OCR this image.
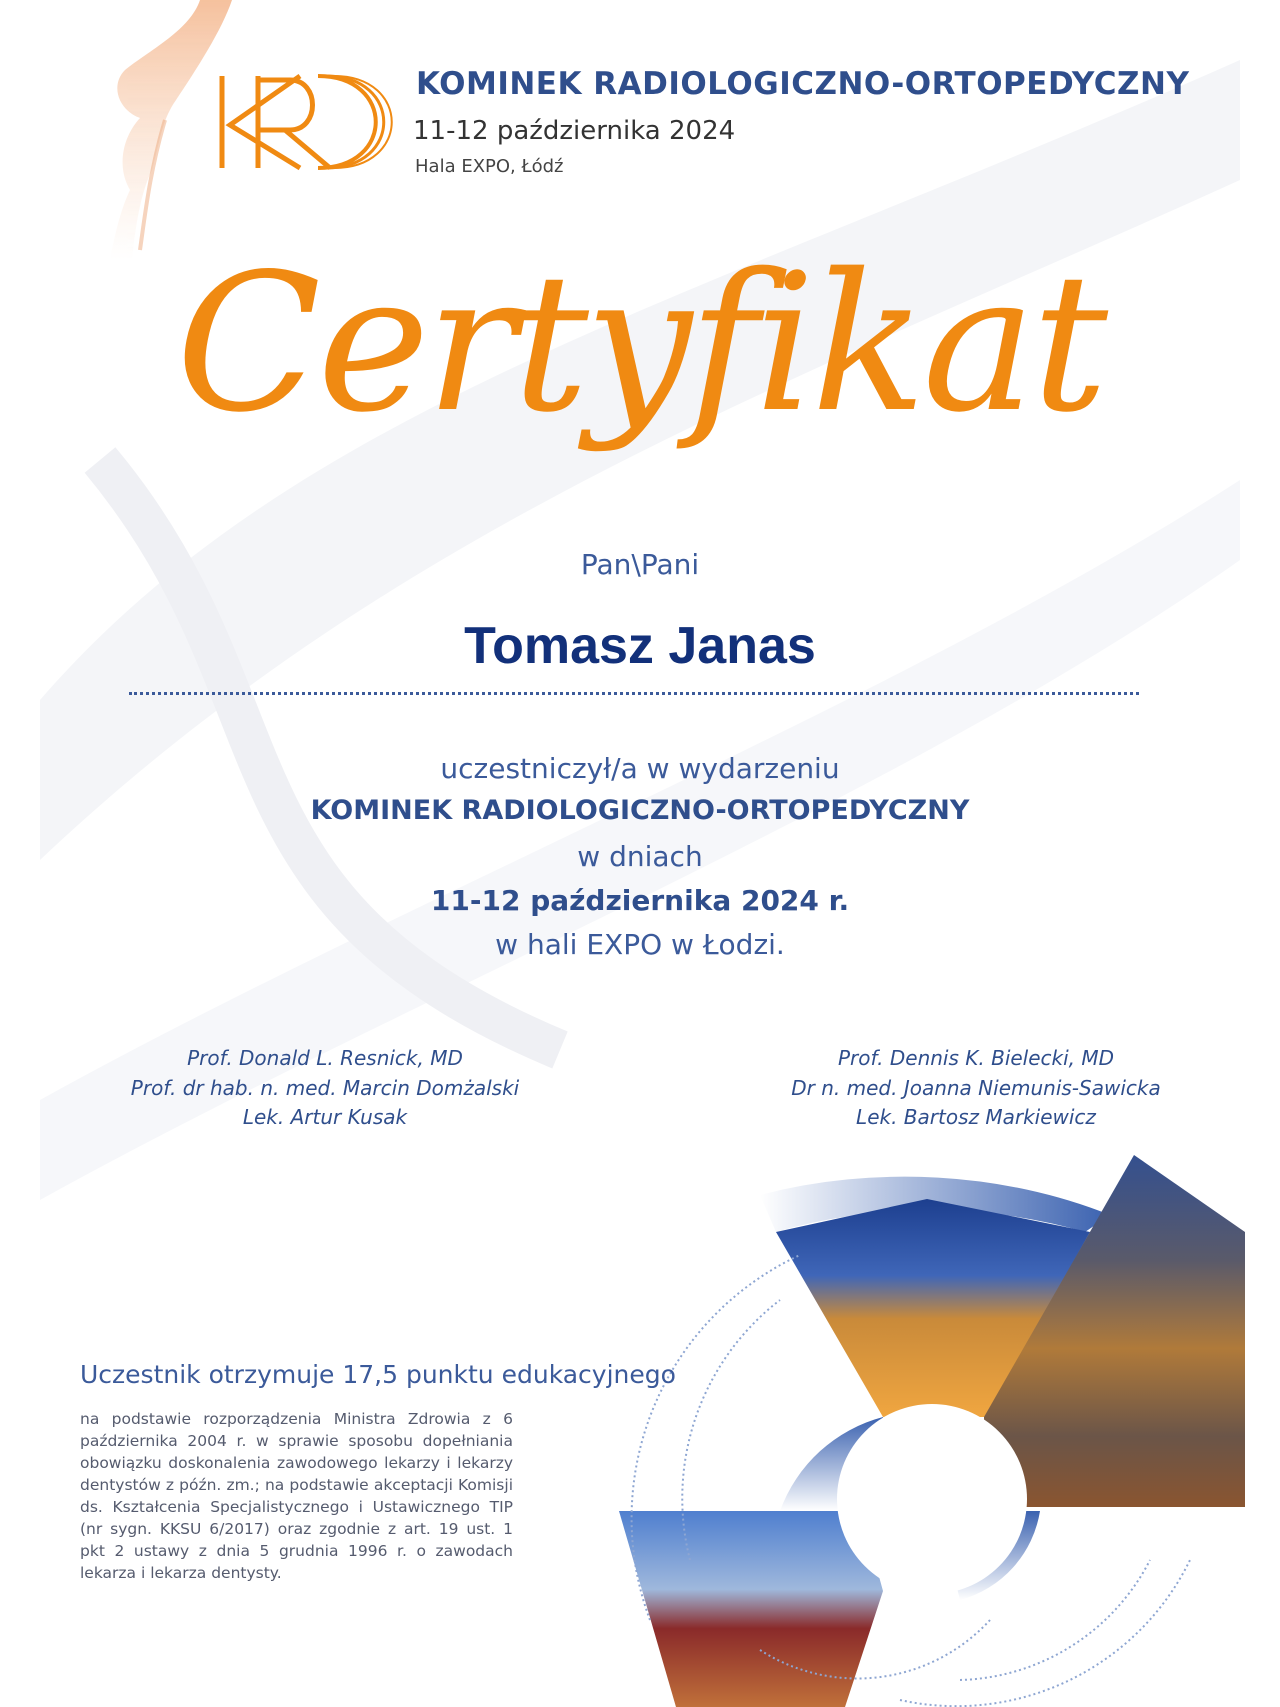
KOMINEK RADIOLOGICZNO-ORTOPEDYCZNY
11-12 października 2024
Hala EXPO, Łódź
Certyfikat
Pan\Pani
Tomasz Janas
uczestniczył/a w wydarzeniu
KOMINEK RADIOLOGICZNO-ORTOPEDYCZNY
w dniach
11-12 października 2024 r.
w hali EXPO w Łodzi.
Prof. Donald L. Resnick, MD
Prof. dr hab. n. med. Marcin Domżalski
Lek. Artur Kusak
Prof. Dennis K. Bielecki, MD
Dr n. med. Joanna Niemunis-Sawicka
Lek. Bartosz Markiewicz
Uczestnik otrzymuje 17,5 punktu edukacyjnego
na podstawie rozporządzenia Ministra Zdrowia z 6 października 2004 r. w sprawie sposobu dopełniania obowiązku doskonalenia zawodowego lekarzy i lekarzy dentystów z późn. zm.; na podstawie akceptacji Komisji ds. Kształcenia Specjalistycznego i Ustawicznego TIP (nr sygn. KKSU 6/2017) oraz zgodnie z art. 19 ust. 1 pkt 2 ustawy z dnia 5 grudnia 1996 r. o zawodach lekarza i lekarza dentysty.
